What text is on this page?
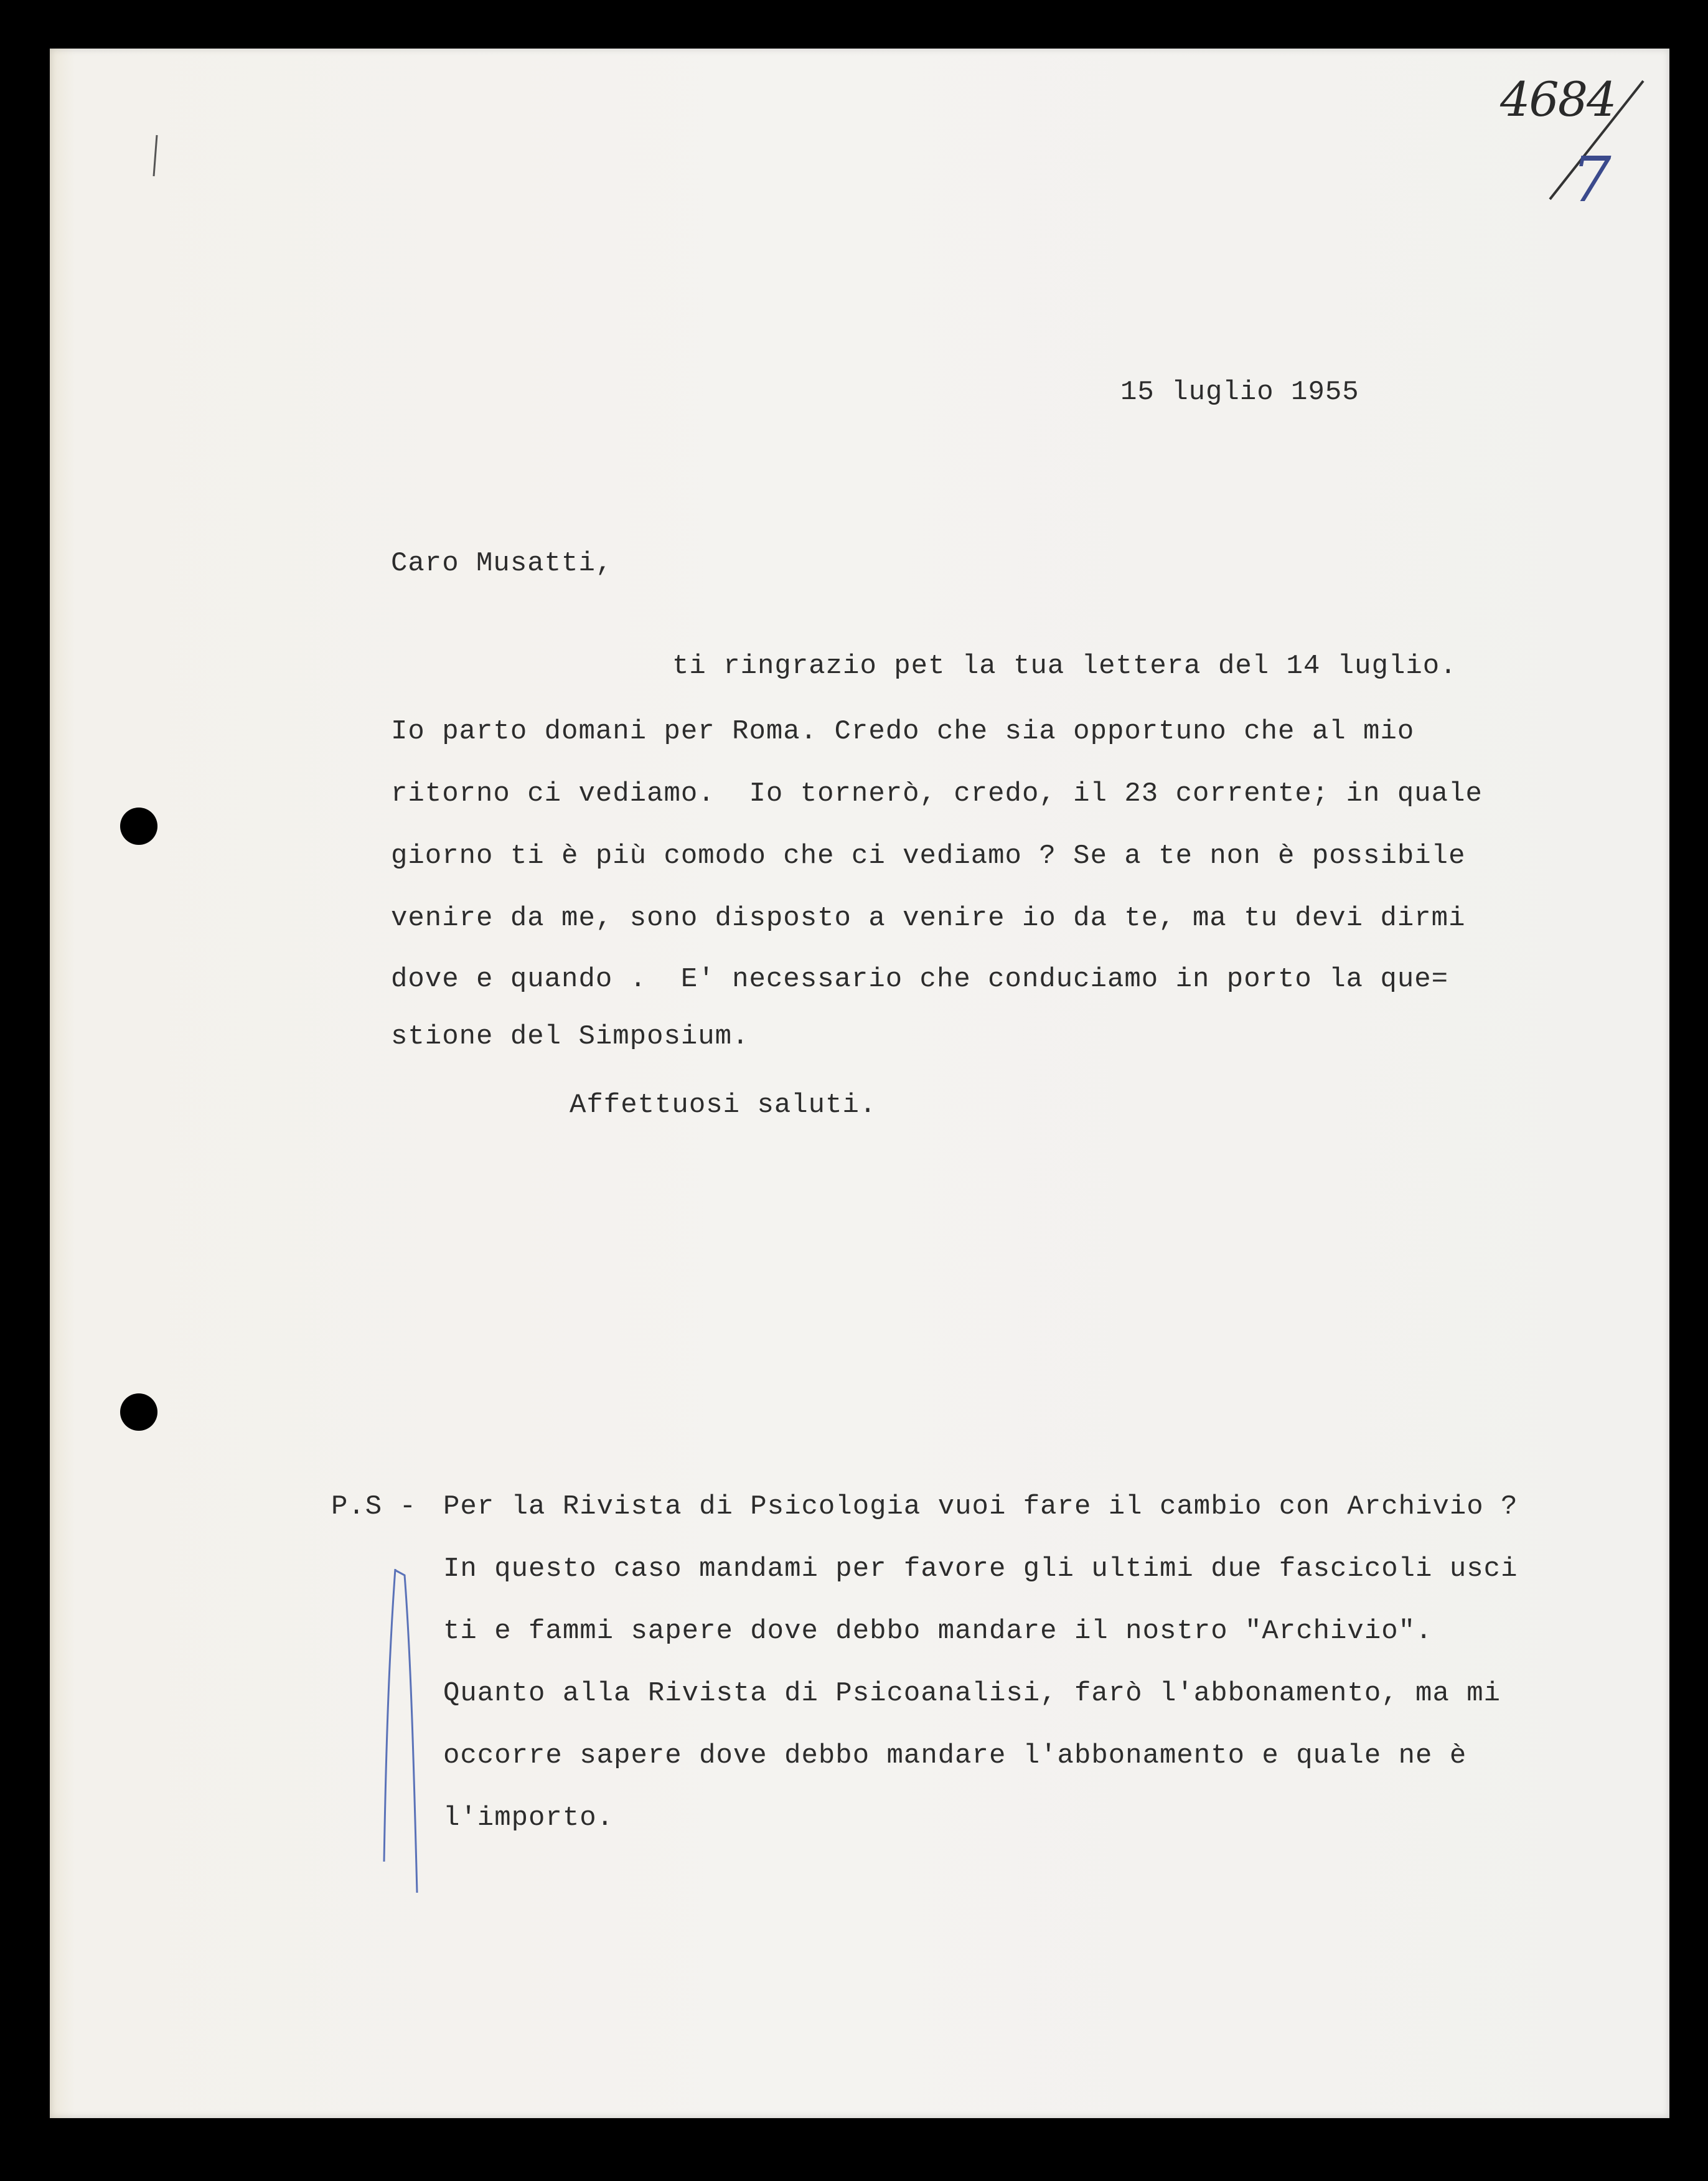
4684
7
15 luglio 1955
Caro Musatti,
ti ringrazio pet la tua lettera del 14 luglio.
Io parto domani per Roma. Credo che sia opportuno che al mio
ritorno ci vediamo.  Io tornerò, credo, il 23 corrente; in quale
giorno ti è più comodo che ci vediamo ? Se a te non è possibile
venire da me, sono disposto a venire io da te, ma tu devi dirmi
dove e quando .  E' necessario che conduciamo in porto la que=
stione del Simposium.
Affettuosi saluti.
P.S - Per la Rivista di Psicologia vuoi fare il cambio con Archivio ?
In questo caso mandami per favore gli ultimi due fascicoli usci
ti e fammi sapere dove debbo mandare il nostro "Archivio".
Quanto alla Rivista di Psicoanalisi, farò l'abbonamento, ma mi
occorre sapere dove debbo mandare l'abbonamento e quale ne è
l'importo.
